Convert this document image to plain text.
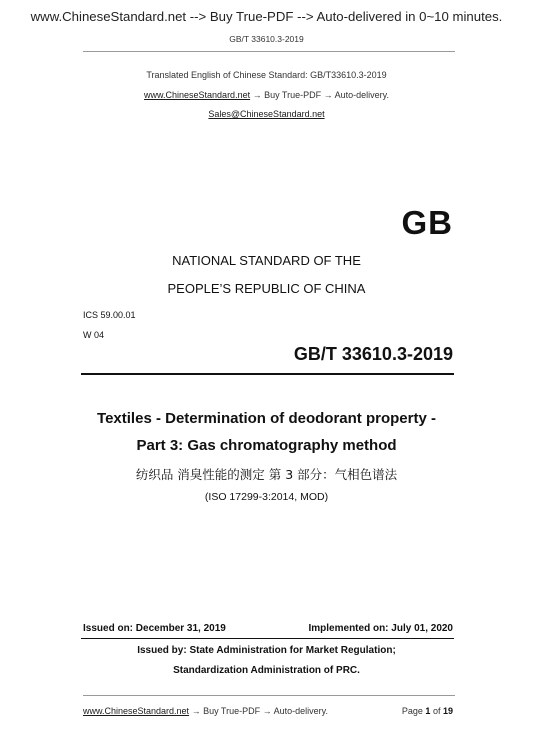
www.ChineseStandard.net --> Buy True-PDF --> Auto-delivered in 0~10 minutes.
GB/T 33610.3-2019
Translated English of Chinese Standard: GB/T33610.3-2019
www.ChineseStandard.net → Buy True-PDF → Auto-delivery.
Sales@ChineseStandard.net
GB
NATIONAL STANDARD OF THE
PEOPLE’S REPUBLIC OF CHINA
ICS 59.00.01
W 04
GB/T 33610.3-2019
Textiles - Determination of deodorant property -
Part 3: Gas chromatography method
纺织品 消臭性能的测定 第 3 部分：气相色谱法
(ISO 17299-3:2014, MOD)
Issued on: December 31, 2019	Implemented on: July 01, 2020
Issued by: State Administration for Market Regulation;
Standardization Administration of PRC.
www.ChineseStandard.net → Buy True-PDF → Auto-delivery.	Page 1 of 19
